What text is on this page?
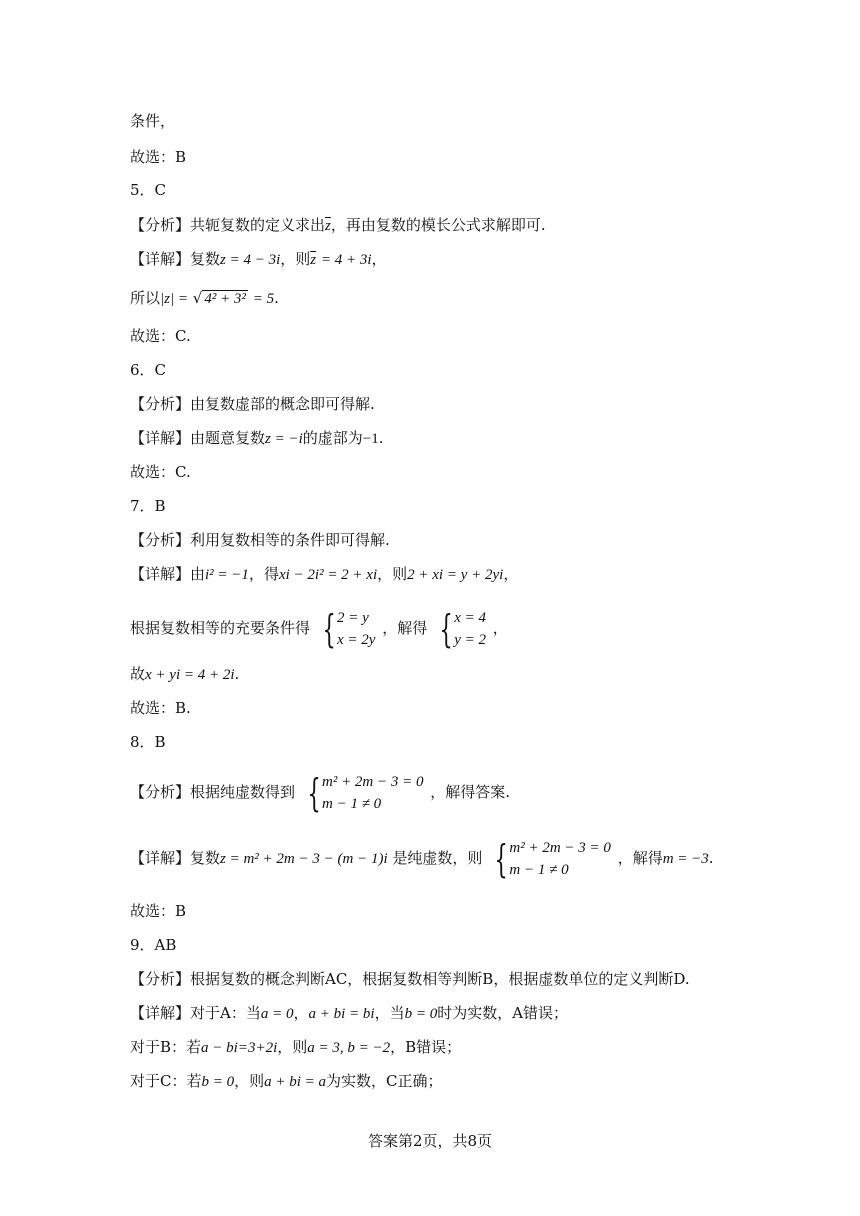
条件，
故选：B
5．C
【分析】共轭复数的定义求出$\overline{z}$，再由复数的模长公式求解即可.
【详解】复数z = 4 − 3i，则$\overline{z} = 4 + 3i$，
所以|z| = √ 4² + 3² = 5.
故选：C.
6．C
【分析】由复数虚部的概念即可得解.
【详解】由题意复数z = −i的虚部为−1.
故选：C.
7．B
【分析】利用复数相等的条件即可得解.
【详解】由i² = −1，得xi − 2i² = 2 + xi，则2 + xi = y + 2yi，
根据复数相等的充要条件得 { 2 = y
x = 2y
，解得 { x = 4
y = 2
，
故x + yi = 4 + 2i.
故选：B.
8．B
【分析】根据纯虚数得到 { m² + 2m − 3 = 0
m − 1 ≠ 0
，解得答案.
【详解】复数z = m² + 2m − 3 − (m − 1)i 是纯虚数，则 { m² + 2m − 3 = 0
m − 1 ≠ 0
，解得m = −3.
故选：B
9．AB
【分析】根据复数的概念判断AC，根据复数相等判断B，根据虚数单位的定义判断D.
【详解】对于A：当a = 0，a + bi = bi，当b = 0时为实数，A错误；
对于B：若a − bi=3+2i，则a = 3, b = −2，B错误；
对于C：若b = 0，则a + bi = a为实数，C正确；
答案第2页，共8页
